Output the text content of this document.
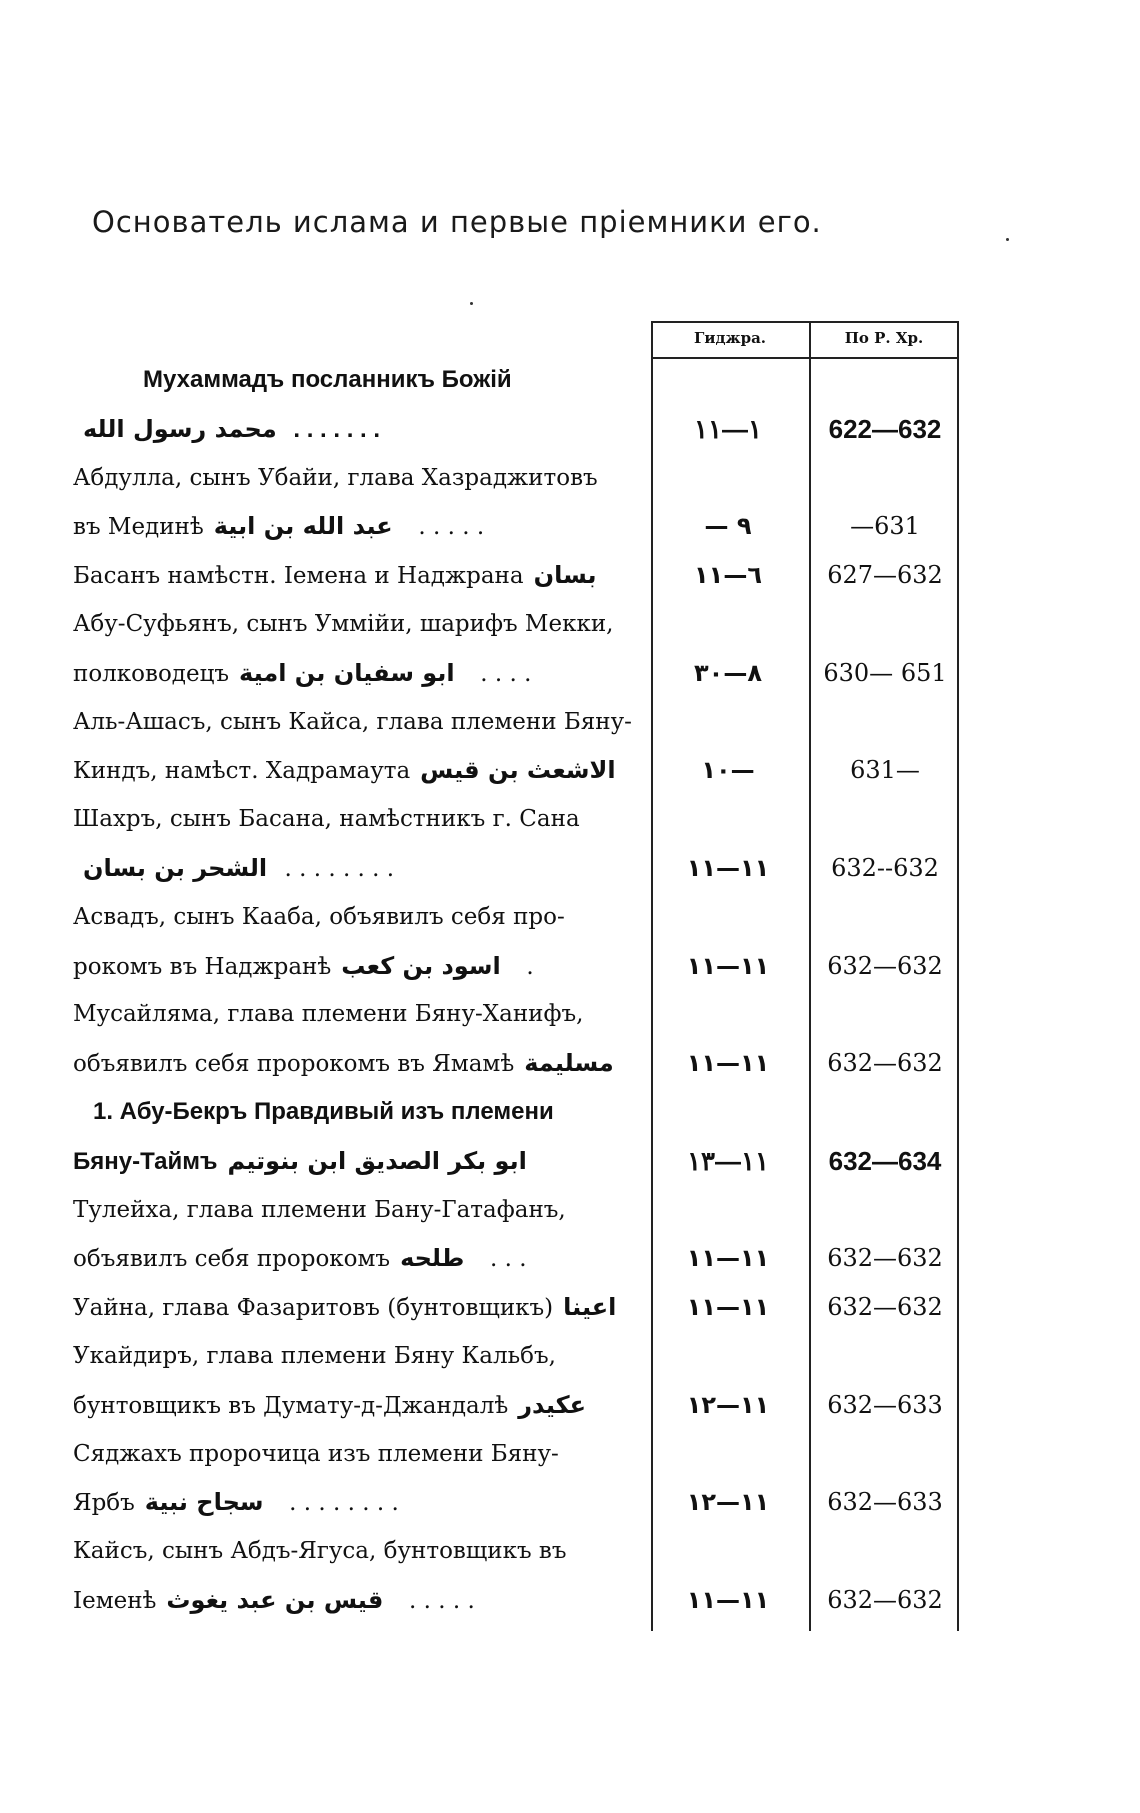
Основатель ислама и первые пріемники его.
Гиджра.	По Р. Хр.
Мухаммадъ посланникъ Божій
محمد رسول الله . . . . . . .	١—١١	622—632
Абдулла, сынъ Убайи, глава Хазраджитовъ
въ Мединѣ عبد الله بن ابية . . . . .	— ٩	—631
Басанъ намѣстн. Iемена и Наджрана بسان	٦—١١	627—632
Абу-Суфьянъ, сынъ Уммійи, шарифъ Мекки,
полководецъ ابو سفيان بن امية . . . .	٨—٣٠	630— 651
Аль-Ашасъ, сынъ Кайса, глава племени Бяну-
Киндъ, намѣст. Хадрамаута الاشعث بن قيس	١٠—	631—
Шахръ, сынъ Басана, намѣстникъ г. Сана
الشحر بن بسان . . . . . . . .	١١—١١	632--632
Асвадъ, сынъ Кааба, объявилъ себя про-
рокомъ въ Наджранѣ اسود بن كعب .	١١—١١	632—632
Мусайляма, глава племени Бяну-Ханифъ,
объявилъ себя пророкомъ въ Ямамѣ مسليمة	١١—١١	632—632
1. Абу-Бекръ Правдивый изъ племени
Бяну-Таймъ ابو بكر الصديق ابن بنوتيم	١١—١٣	632—634
Тулейха, глава племени Бану-Гатафанъ,
объявилъ себя пророкомъ طلحه . . .	١١—١١	632—632
Уайна, глава Фазаритовъ (бунтовщикъ) اعينا	١١—١١	632—632
Укайдиръ, глава племени Бяну Кальбъ,
бунтовщикъ въ Думату-д-Джандалѣ عكيدر	١١—١٢	632—633
Сяджахъ пророчица изъ племени Бяну-
Ярбъ سجاح نبية . . . . . . . .	١١—١٢	632—633
Кайсъ, сынъ Абдъ-Ягуса, бунтовщикъ въ
Iеменѣ قيس بن عبد يغوث . . . . .	١١—١١	632—632
